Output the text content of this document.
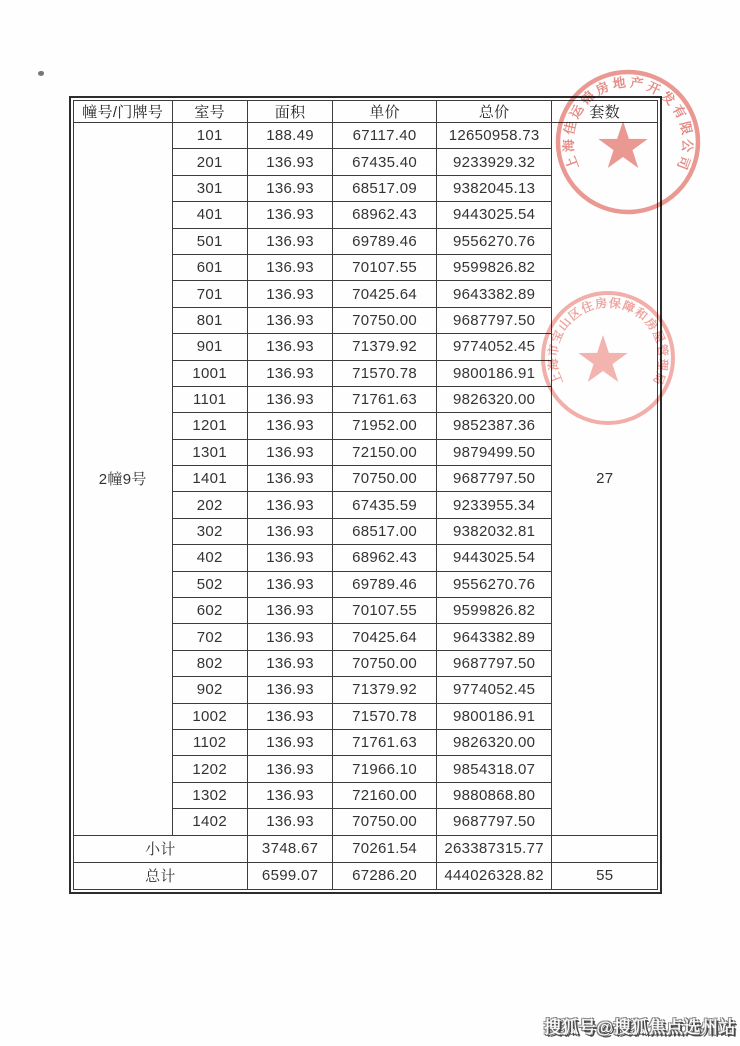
幢号/门牌号	室号	面积	单价	总价	套数
2幢9号	101	188.49	67117.40	12650958.73	27
	201	136.93	67435.40	9233929.32	
	301	136.93	68517.09	9382045.13	
	401	136.93	68962.43	9443025.54	
	501	136.93	69789.46	9556270.76	
	601	136.93	70107.55	9599826.82	
	701	136.93	70425.64	9643382.89	
	801	136.93	70750.00	9687797.50	
	901	136.93	71379.92	9774052.45	
	1001	136.93	71570.78	9800186.91	
	1101	136.93	71761.63	9826320.00	
	1201	136.93	71952.00	9852387.36	
	1301	136.93	72150.00	9879499.50	
	1401	136.93	70750.00	9687797.50	
	202	136.93	67435.59	9233955.34	
	302	136.93	68517.00	9382032.81	
	402	136.93	68962.43	9443025.54	
	502	136.93	69789.46	9556270.76	
	602	136.93	70107.55	9599826.82	
	702	136.93	70425.64	9643382.89	
	802	136.93	70750.00	9687797.50	
	902	136.93	71379.92	9774052.45	
	1002	136.93	71570.78	9800186.91	
	1102	136.93	71761.63	9826320.00	
	1202	136.93	71966.10	9854318.07	
	1302	136.93	72160.00	9880868.80	
	1402	136.93	70750.00	9687797.50	
小计		3748.67	70261.54	263387315.77	
总计		6599.07	67286.20	444026328.82	55
上海佳运锦房地产开发有限公司
上海市宝山区住房保障和房屋管理局
搜狐号@搜狐焦点选州站
